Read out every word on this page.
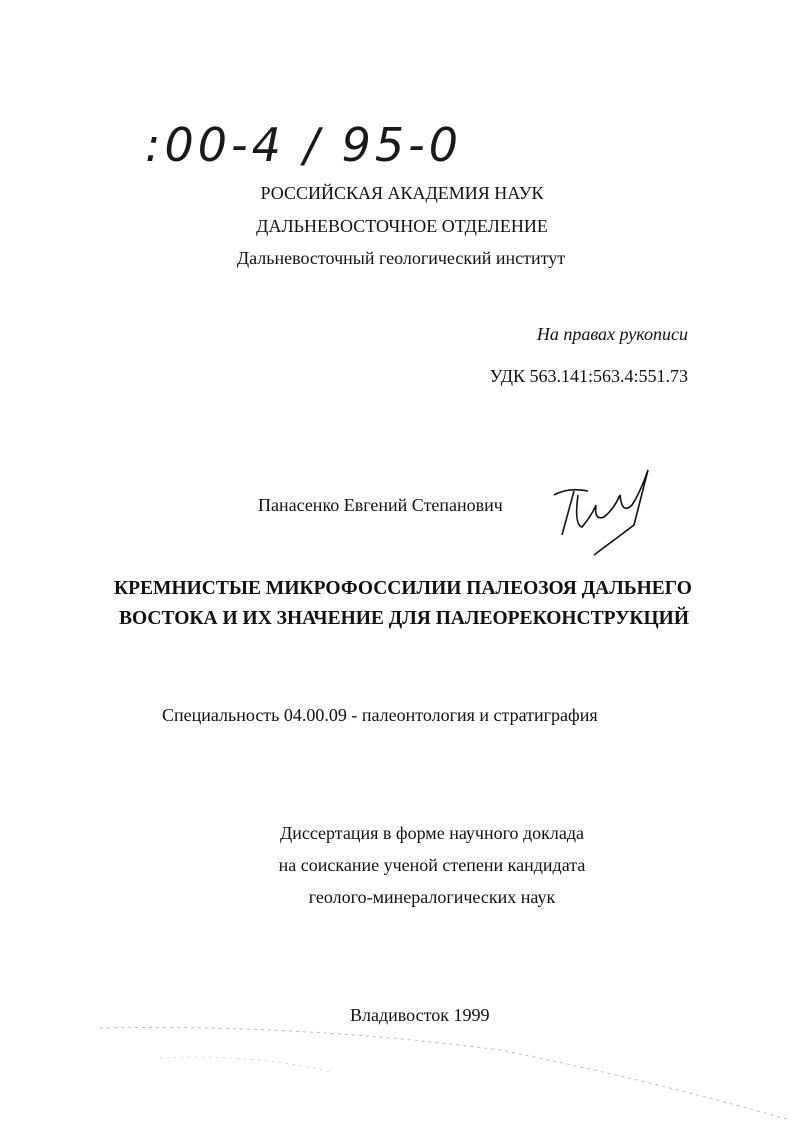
:00-4 / 95-0
РОССИЙСКАЯ АКАДЕМИЯ НАУК
ДАЛЬНЕВОСТОЧНОЕ ОТДЕЛЕНИЕ
Дальневосточный геологический институт
На правах рукописи
УДК 563.141:563.4:551.73
Панасенко Евгений Степанович
КРЕМНИСТЫЕ МИКРОФОССИЛИИ ПАЛЕОЗОЯ ДАЛЬНЕГО
ВОСТОКА И ИХ ЗНАЧЕНИЕ ДЛЯ ПАЛЕОРЕКОНСТРУКЦИЙ
Специальность 04.00.09 - палеонтология и стратиграфия
Диссертация в форме научного доклада
на соискание ученой степени кандидата
геолого-минералогических наук
Владивосток 1999
